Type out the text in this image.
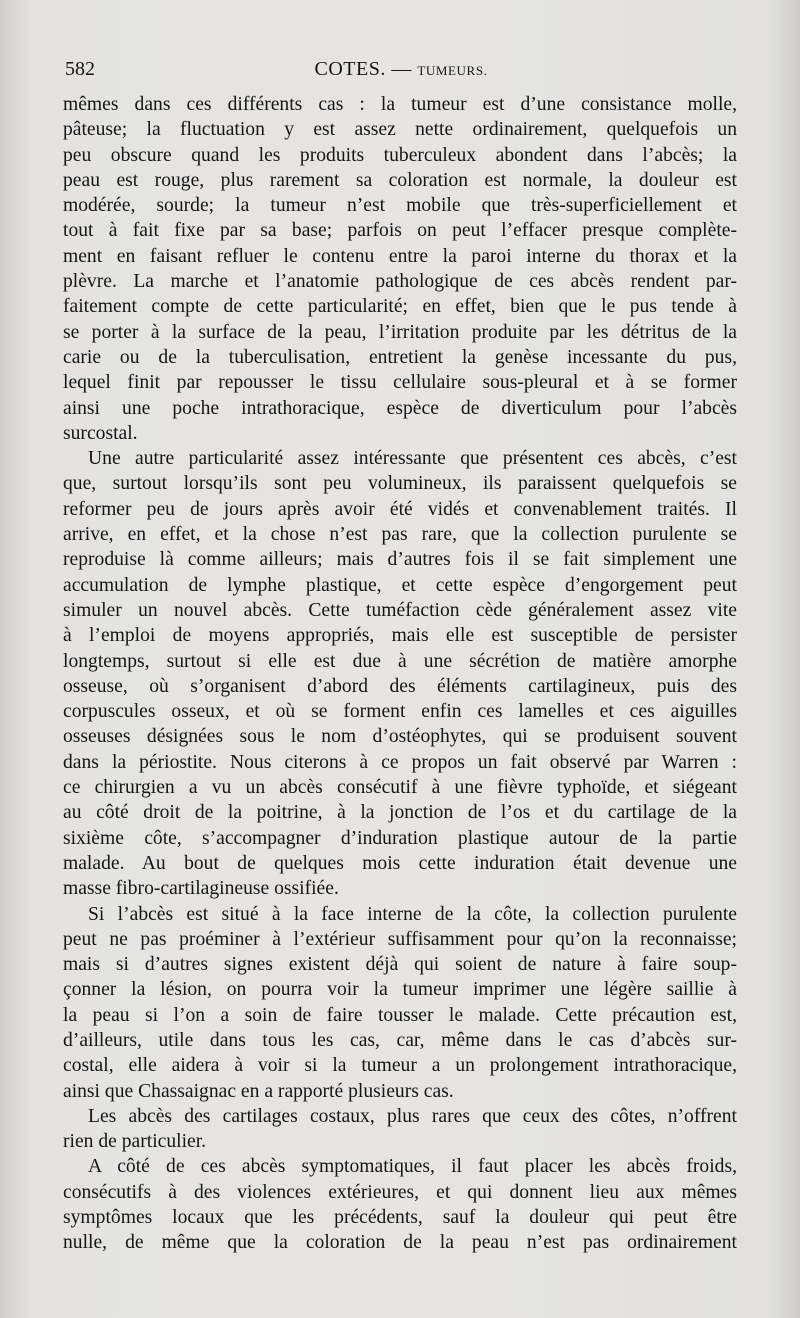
582	COTES. — TUMEURS.
mêmes dans ces différents cas : la tumeur est d’une consistance molle,
pâteuse; la fluctuation y est assez nette ordinairement, quelquefois un
peu obscure quand les produits tuberculeux abondent dans l’abcès; la
peau est rouge, plus rarement sa coloration est normale, la douleur est
modérée, sourde; la tumeur n’est mobile que très-superficiellement et
tout à fait fixe par sa base; parfois on peut l’effacer presque complète-
ment en faisant refluer le contenu entre la paroi interne du thorax et la
plèvre. La marche et l’anatomie pathologique de ces abcès rendent par-
faitement compte de cette particularité; en effet, bien que le pus tende à
se porter à la surface de la peau, l’irritation produite par les détritus de la
carie ou de la tuberculisation, entretient la genèse incessante du pus,
lequel finit par repousser le tissu cellulaire sous-pleural et à se former
ainsi une poche intrathoracique, espèce de diverticulum pour l’abcès
surcostal.
Une autre particularité assez intéressante que présentent ces abcès, c’est
que, surtout lorsqu’ils sont peu volumineux, ils paraissent quelquefois se
reformer peu de jours après avoir été vidés et convenablement traités. Il
arrive, en effet, et la chose n’est pas rare, que la collection purulente se
reproduise là comme ailleurs; mais d’autres fois il se fait simplement une
accumulation de lymphe plastique, et cette espèce d’engorgement peut
simuler un nouvel abcès. Cette tuméfaction cède généralement assez vite
à l’emploi de moyens appropriés, mais elle est susceptible de persister
longtemps, surtout si elle est due à une sécrétion de matière amorphe
osseuse, où s’organisent d’abord des éléments cartilagineux, puis des
corpuscules osseux, et où se forment enfin ces lamelles et ces aiguilles
osseuses désignées sous le nom d’ostéophytes, qui se produisent souvent
dans la périostite. Nous citerons à ce propos un fait observé par Warren :
ce chirurgien a vu un abcès consécutif à une fièvre typhoïde, et siégeant
au côté droit de la poitrine, à la jonction de l’os et du cartilage de la
sixième côte, s’accompagner d’induration plastique autour de la partie
malade. Au bout de quelques mois cette induration était devenue une
masse fibro-cartilagineuse ossifiée.
Si l’abcès est situé à la face interne de la côte, la collection purulente
peut ne pas proéminer à l’extérieur suffisamment pour qu’on la reconnaisse;
mais si d’autres signes existent déjà qui soient de nature à faire soup-
çonner la lésion, on pourra voir la tumeur imprimer une légère saillie à
la peau si l’on a soin de faire tousser le malade. Cette précaution est,
d’ailleurs, utile dans tous les cas, car, même dans le cas d’abcès sur-
costal, elle aidera à voir si la tumeur a un prolongement intrathoracique,
ainsi que Chassaignac en a rapporté plusieurs cas.
Les abcès des cartilages costaux, plus rares que ceux des côtes, n’offrent
rien de particulier.
A côté de ces abcès symptomatiques, il faut placer les abcès froids,
consécutifs à des violences extérieures, et qui donnent lieu aux mêmes
symptômes locaux que les précédents, sauf la douleur qui peut être
nulle, de même que la coloration de la peau n’est pas ordinairement
